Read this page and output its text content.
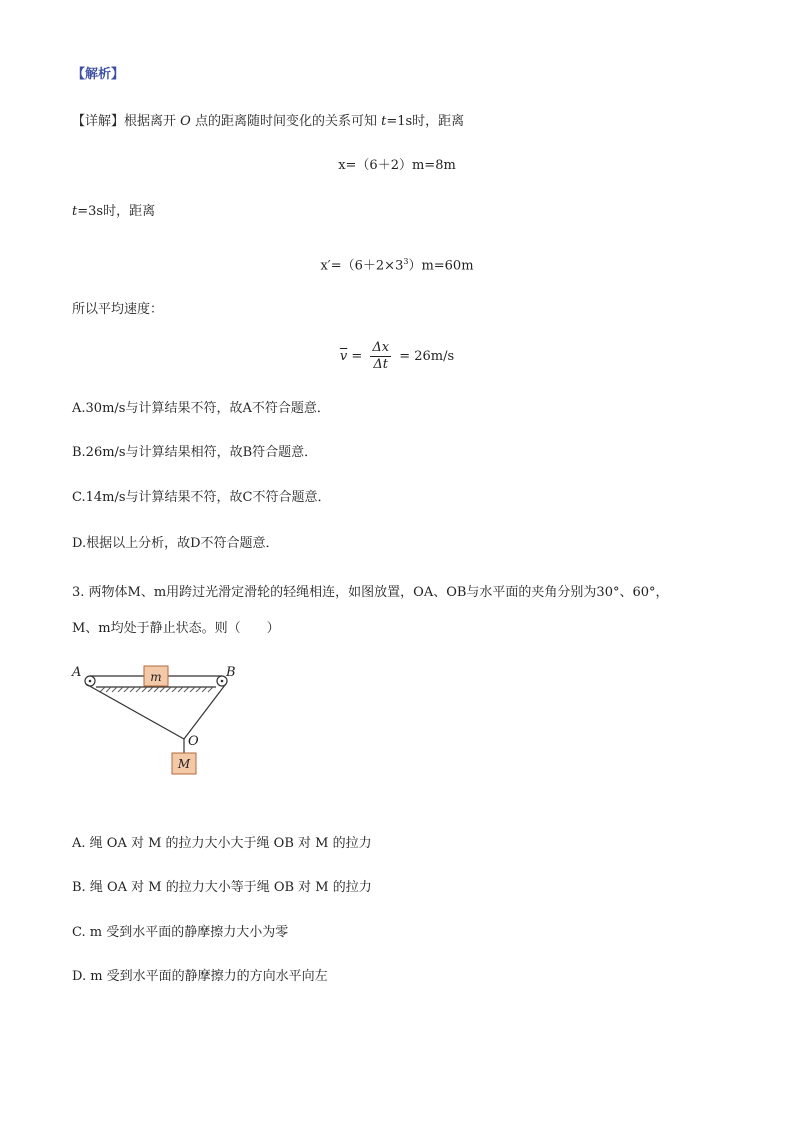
【解析】
【详解】根据离开 O 点的距离随时间变化的关系可知 t=1s时，距离
x=（6＋2）m=8m
t=3s时，距离
$x'=(6+2\times 3^3)m=60m$
所以平均速度：
$\overline{v} = \frac{\Delta x}{\Delta t} = 26m/s$
A.30m/s与计算结果不符，故A不符合题意．
B.26m/s与计算结果相符，故B符合题意．
C.14m/s与计算结果不符，故C不符合题意．
D.根据以上分析，故D不符合题意．
3. 两物体M、m用跨过光滑定滑轮的轻绳相连，如图放置，OA、OB与水平面的夹角分别为30°、60°，
M、m均处于静止状态。则（　　）
m
M
A	B
O
A. 绳 OA 对 M 的拉力大小大于绳 OB 对 M 的拉力
B. 绳 OA 对 M 的拉力大小等于绳 OB 对 M 的拉力
C. m 受到水平面的静摩擦力大小为零
D. m 受到水平面的静摩擦力的方向水平向左
